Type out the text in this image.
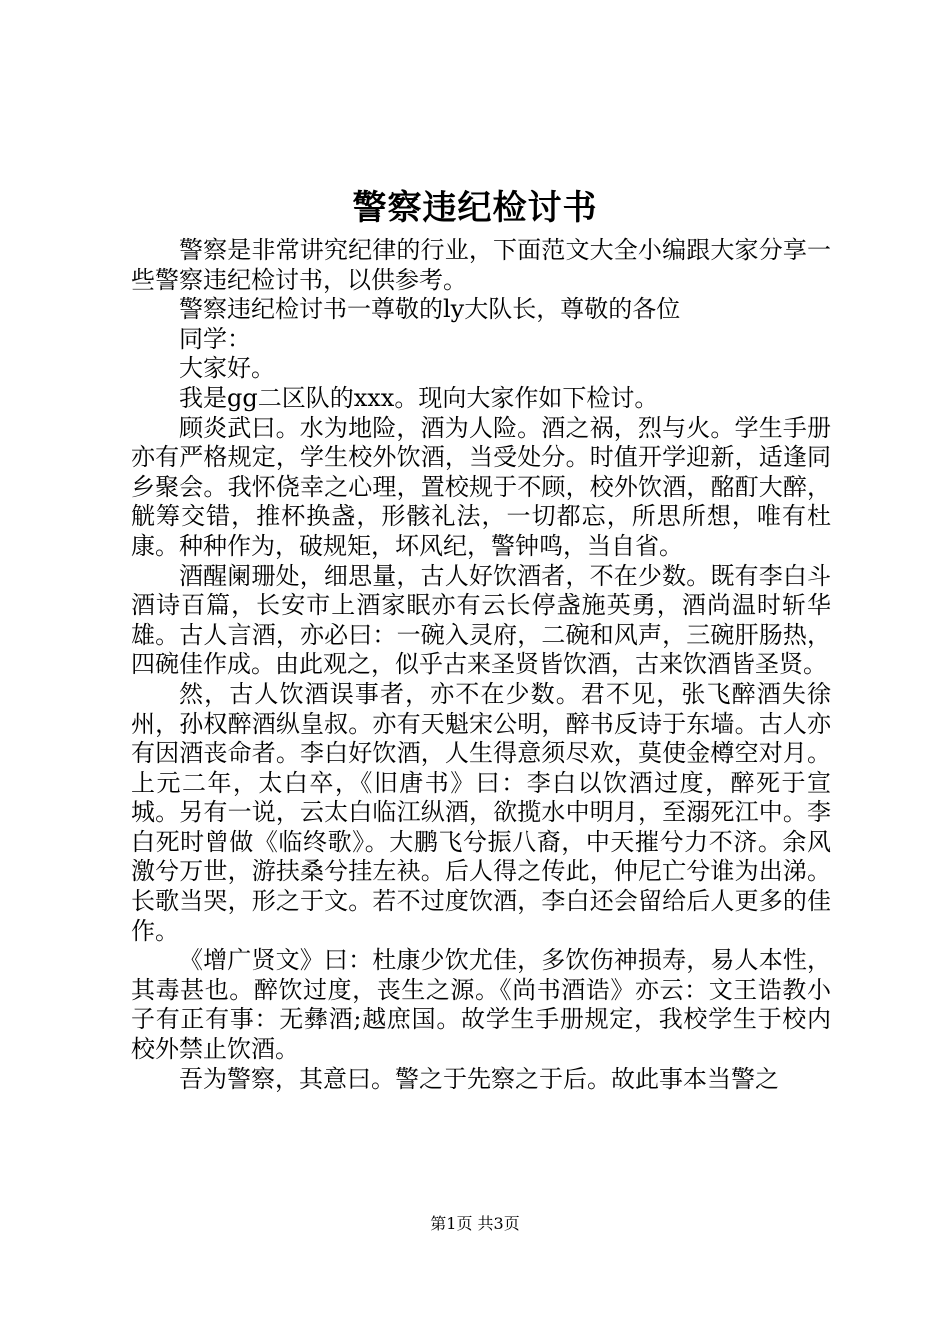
警察违纪检讨书

警察是非常讲究纪律的行业，下面范文大全小编跟大家分享一些警察违纪检讨书，以供参考。

警察违纪检讨书一尊敬的ly大队长，尊敬的各位

同学：

大家好。

我是gg二区队的xxx。现向大家作如下检讨。

顾炎武曰。水为地险，酒为人险。酒之祸，烈与火。学生手册亦有严格规定，学生校外饮酒，当受处分。时值开学迎新，适逢同乡聚会。我怀侥幸之心理，置校规于不顾，校外饮酒，酩酊大醉，觥筹交错，推杯换盏，形骸礼法，一切都忘，所思所想，唯有杜康。种种作为，破规矩，坏风纪，警钟鸣，当自省。

酒醒阑珊处，细思量，古人好饮酒者，不在少数。既有李白斗酒诗百篇，长安市上酒家眠亦有云长停盏施英勇，酒尚温时斩华雄。古人言酒，亦必曰：一碗入灵府，二碗和风声，三碗肝肠热，四碗佳作成。由此观之，似乎古来圣贤皆饮酒，古来饮酒皆圣贤。

然，古人饮酒误事者，亦不在少数。君不见，张飞醉酒失徐州，孙权醉酒纵皇叔。亦有天魁宋公明，醉书反诗于东墙。古人亦有因酒丧命者。李白好饮酒，人生得意须尽欢，莫使金樽空对月。上元二年，太白卒，《旧唐书》曰：李白以饮酒过度，醉死于宣城。另有一说，云太白临江纵酒，欲揽水中明月，至溺死江中。李白死时曾做《临终歌》。大鹏飞兮振八裔，中天摧兮力不济。余风激兮万世，游扶桑兮挂左袂。后人得之传此，仲尼亡兮谁为出涕。长歌当哭，形之于文。若不过度饮酒，李白还会留给后人更多的佳作。

《增广贤文》曰：杜康少饮尤佳，多饮伤神损寿，易人本性，其毒甚也。醉饮过度，丧生之源。《尚书酒诰》亦云：文王诰教小子有正有事：无彝酒;越庶国。故学生手册规定，我校学生于校内校外禁止饮酒。

吾为警察，其意曰。警之于先察之于后。故此事本当警之

第1页 共3页
